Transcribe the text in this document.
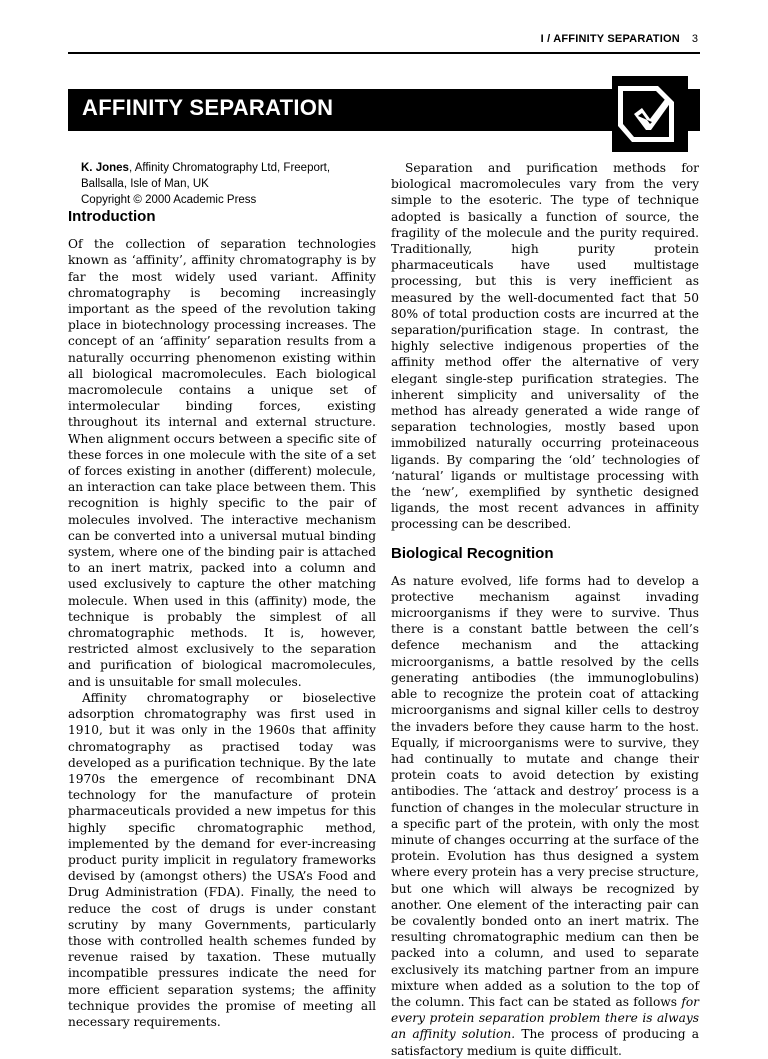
I / AFFINITY SEPARATION 3
AFFINITY SEPARATION

K. Jones, Affinity Chromatography Ltd, Freeport, Ballsalla, Isle of Man, UK

Copyright © 2000 Academic Press

Introduction

Of the collection of separation technologies known as ‘affinity’, affinity chromatography is by far the most widely used variant. Affinity chromatography is becoming increasingly important as the speed of the revolution taking place in biotechnology processing increases. The concept of an ‘affinity’ separation results from a naturally occurring phenomenon existing within all biological macromolecules. Each biological macromolecule contains a unique set of intermolecular binding forces, existing throughout its internal and external structure. When alignment occurs between a specific site of these forces in one molecule with the site of a set of forces existing in another (different) molecule, an interaction can take place between them. This recognition is highly specific to the pair of molecules involved. The interactive mechanism can be converted into a universal mutual binding system, where one of the binding pair is attached to an inert matrix, packed into a column and used exclusively to capture the other matching molecule. When used in this (affinity) mode, the technique is probably the simplest of all chromatographic methods. It is, however, restricted almost exclusively to the separation and purification of biological macromolecules, and is unsuitable for small molecules.

Affinity chromatography or bioselective adsorption chromatography was first used in 1910, but it was only in the 1960s that affinity chromatography as practised today was developed as a purification technique. By the late 1970s the emergence of recombinant DNA technology for the manufacture of protein pharmaceuticals provided a new impetus for this highly specific chromatographic method, implemented by the demand for ever-increasing product purity implicit in regulatory frameworks devised by (amongst others) the USA’s Food and Drug Administration (FDA). Finally, the need to reduce the cost of drugs is under constant scrutiny by many Governments, particularly those with controlled health schemes funded by revenue raised by taxation. These mutually incompatible pressures indicate the need for more efficient separation systems; the affinity technique provides the promise of meeting all necessary requirements.

Separation and purification methods for biological macromolecules vary from the very simple to the esoteric. The type of technique adopted is basically a function of source, the fragility of the molecule and the purity required. Traditionally, high purity protein pharmaceuticals have used multistage processing, but this is very inefficient as measured by the well-documented fact that 50 80% of total production costs are incurred at the separation/purification stage. In contrast, the highly selective indigenous properties of the affinity method offer the alternative of very elegant single-step purification strategies. The inherent simplicity and universality of the method has already generated a wide range of separation technologies, mostly based upon immobilized naturally occurring proteinaceous ligands. By comparing the ‘old’ technologies of ‘natural’ ligands or multistage processing with the ‘new’, exemplified by synthetic designed ligands, the most recent advances in affinity processing can be described.

Biological Recognition

As nature evolved, life forms had to develop a protective mechanism against invading microorganisms if they were to survive. Thus there is a constant battle between the cell’s defence mechanism and the attacking microorganisms, a battle resolved by the cells generating antibodies (the immunoglobulins) able to recognize the protein coat of attacking microorganisms and signal killer cells to destroy the invaders before they cause harm to the host. Equally, if microorganisms were to survive, they had continually to mutate and change their protein coats to avoid detection by existing antibodies. The ‘attack and destroy’ process is a function of changes in the molecular structure in a specific part of the protein, with only the most minute of changes occurring at the surface of the protein. Evolution has thus designed a system where every protein has a very precise structure, but one which will always be recognized by another. One element of the interacting pair can be covalently bonded onto an inert matrix. The resulting chromatographic medium can then be packed into a column, and used to separate exclusively its matching partner from an impure mixture when added as a solution to the top of the column. This fact can be stated as follows for every protein separation problem there is always an affinity solution. The process of producing a satisfactory medium is quite difficult.
